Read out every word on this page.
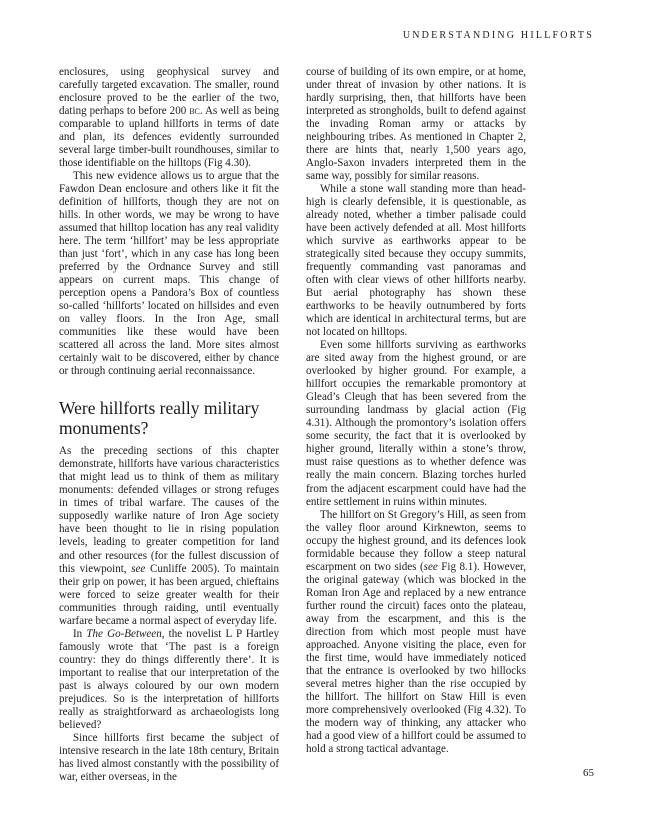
UNDERSTANDING HILLFORTS

enclosures, using geophysical survey and carefully targeted excavation. The smaller, round enclosure proved to be the earlier of the two, dating perhaps to before 200 bc. As well as being comparable to upland hillforts in terms of date and plan, its defences evidently surrounded several large timber-built roundhouses, similar to those identifiable on the hilltops (Fig 4.30).

This new evidence allows us to argue that the Fawdon Dean enclosure and others like it fit the definition of hillforts, though they are not on hills. In other words, we may be wrong to have assumed that hilltop location has any real validity here. The term ‘hillfort’ may be less appropriate than just ‘fort’, which in any case has long been preferred by the Ordnance Survey and still appears on current maps. This change of perception opens a Pandora’s Box of countless so-called ‘hillforts’ located on hillsides and even on valley floors. In the Iron Age, small communities like these would have been scattered all across the land. More sites almost certainly wait to be discovered, either by chance or through continuing aerial reconnaissance.

Were hillforts really military monuments?

As the preceding sections of this chapter demonstrate, hillforts have various characteristics that might lead us to think of them as military monuments: defended villages or strong refuges in times of tribal warfare. The causes of the supposedly warlike nature of Iron Age society have been thought to lie in rising population levels, leading to greater competition for land and other resources (for the fullest discussion of this viewpoint, see Cunliffe 2005). To maintain their grip on power, it has been argued, chieftains were forced to seize greater wealth for their communities through raiding, until eventually warfare became a normal aspect of everyday life.

In The Go-Between, the novelist L P Hartley famously wrote that ‘The past is a foreign country: they do things differently there’. It is important to realise that our interpretation of the past is always coloured by our own modern prejudices. So is the interpretation of hillforts really as straightforward as archaeologists long believed?

Since hillforts first became the subject of intensive research in the late 18th century, Britain has lived almost constantly with the possibility of war, either overseas, in the

course of building of its own empire, or at home, under threat of invasion by other nations. It is hardly surprising, then, that hillforts have been interpreted as strongholds, built to defend against the invading Roman army or attacks by neighbouring tribes. As mentioned in Chapter 2, there are hints that, nearly 1,500 years ago, Anglo-Saxon invaders interpreted them in the same way, possibly for similar reasons.

While a stone wall standing more than head-high is clearly defensible, it is questionable, as already noted, whether a timber palisade could have been actively defended at all. Most hillforts which survive as earthworks appear to be strategically sited because they occupy summits, frequently commanding vast panoramas and often with clear views of other hillforts nearby. But aerial photography has shown these earthworks to be heavily outnumbered by forts which are identical in architectural terms, but are not located on hilltops.

Even some hillforts surviving as earthworks are sited away from the highest ground, or are overlooked by higher ground. For example, a hillfort occupies the remarkable promontory at Glead’s Cleugh that has been severed from the surrounding landmass by glacial action (Fig 4.31). Although the promontory’s isolation offers some security, the fact that it is overlooked by higher ground, literally within a stone’s throw, must raise questions as to whether defence was really the main concern. Blazing torches hurled from the adjacent escarpment could have had the entire settlement in ruins within minutes.

The hillfort on St Gregory’s Hill, as seen from the valley floor around Kirknewton, seems to occupy the highest ground, and its defences look formidable because they follow a steep natural escarpment on two sides (see Fig 8.1). However, the original gateway (which was blocked in the Roman Iron Age and replaced by a new entrance further round the circuit) faces onto the plateau, away from the escarpment, and this is the direction from which most people must have approached. Anyone visiting the place, even for the first time, would have immediately noticed that the entrance is overlooked by two hillocks several metres higher than the rise occupied by the hillfort. The hillfort on Staw Hill is even more comprehensively overlooked (Fig 4.32). To the modern way of thinking, any attacker who had a good view of a hillfort could be assumed to hold a strong tactical advantage.

65
